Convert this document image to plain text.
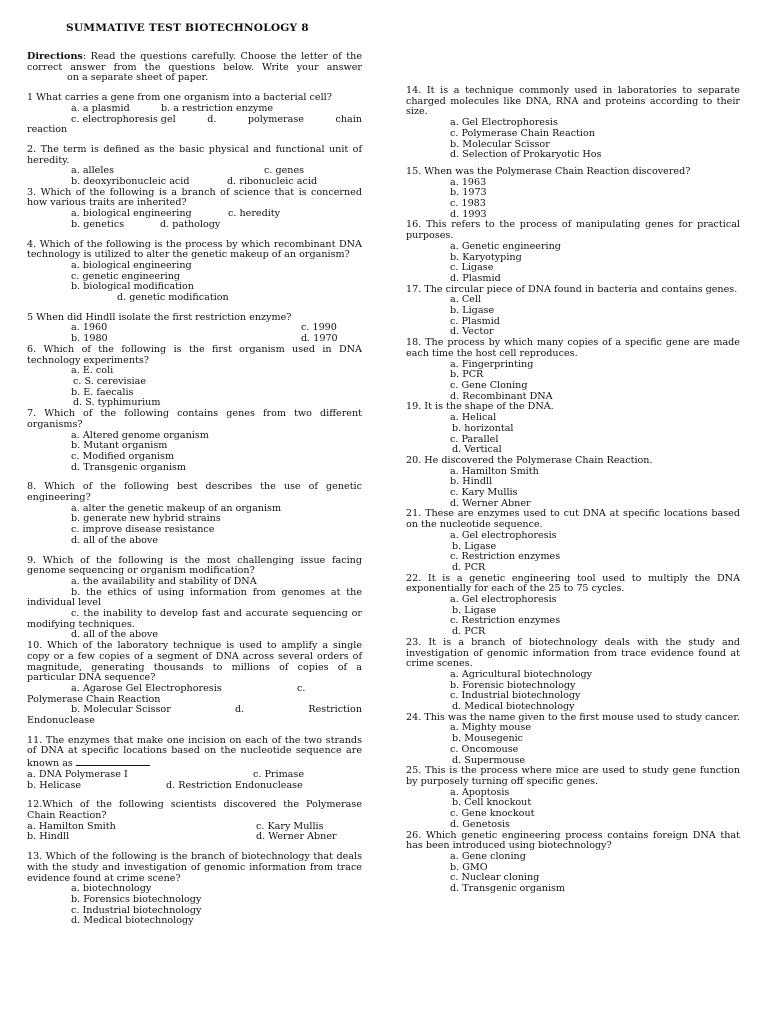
SUMMATIVE TEST BIOTECHNOLOGY 8

Directions: Read the questions carefully. Choose the letter of the correct answer from the questions below. Write your answeron a separate sheet of paper.

1 What carries a gene from one organism into a bacterial cell?

a. a plasmid	b. a restriction enzyme
c. electrophoresis gel	d.	polymerase	chain

reaction

2. The term is defined as the basic physical and functional unit of heredity.

a. alleles	c. genes
b. deoxyribonucleic acid	d. ribonucleic acid

3. Which of the following is a branch of science that is concerned how various traits are inherited?

a. biological engineering	c. heredity
b. genetics	d. pathology

4. Which of the following is the process by which recombinant DNA technology is utilized to alter the genetic makeup of an organism?

a. biological engineering

c. genetic engineering

b. biological modification

d. genetic modification

5 When did Hindll isolate the first restriction enzyme?

a. 1960	c. 1990
b. 1980	d. 1970

6. Which of the following is the first organism used in DNA technology experiments?

a. E. coli

c. S. cerevisiae

b. E. faecalis

d. S. typhimurium

7. Which of the following contains genes from two different organisms?

a. Altered genome organism

b. Mutant organism

c. Modified organism

d. Transgenic organism

8. Which of the following best describes the use of genetic engineering?

a. alter the genetic makeup of an organism

b. generate new hybrid strains

c. improve disease resistance

d. all of the above

9. Which of the following is the most challenging issue facing genome sequencing or organism modification?

a. the availability and stability of DNA

b. the ethics of using information from genomes at the individual level

c. the inability to develop fast and accurate sequencing or modifying techniques.

d. all of the above

10. Which of the laboratory technique is used to amplify a single copy or a few copies of a segment of DNA across several orders of magnitude, generating thousands to millions of copies of a particular DNA sequence?

a. Agarose Gel Electrophoresis	c.

Polymerase Chain Reaction

b. Molecular Scissor	d.	Restriction

Endonuclease

11. The enzymes that make one incision on each of the two strands of DNA at specific locations based on the nucleotide sequence are known as

a. DNA Polymerase I	c. Primase
b. Helicase	d. Restriction Endonuclease

12.Which of the following scientists discovered the Polymerase Chain Reaction?

a. Hamilton Smith	c. Kary Mullis
b. Hindll	d. Werner Abner

13. Which of the following is the branch of biotechnology that deals with the study and investigation of genomic information from trace evidence found at crime scene?

a. biotechnology

b. Forensics biotechnology

c. Industrial biotechnology

d. Medical biotechnology

14. It is a technique commonly used in laboratories to separate charged molecules like DNA, RNA and proteins according to their size.

a. Gel Electrophoresis

c. Polymerase Chain Reaction

b. Molecular Scissor

d. Selection of Prokaryotic Hos

15. When was the Polymerase Chain Reaction discovered?

a. 1963

b. 1973

c. 1983

d. 1993

16. This refers to the process of manipulating genes for practical purposes.

a. Genetic engineering

b. Karyotyping

c. Ligase

d. Plasmid

17. The circular piece of DNA found in bacteria and contains genes.

a. Cell

b. Ligase

c. Plasmid

d. Vector

18. The process by which many copies of a specific gene are made each time the host cell reproduces.

a. Fingerprinting

b. PCR

c. Gene Cloning

d. Recombinant DNA

19. It is the shape of the DNA.

a. Helical

b. horizontal

c. Parallel

d. Vertical

20. He discovered the Polymerase Chain Reaction.

a. Hamilton Smith

b. Hindll

c. Kary Mullis

d. Werner Abner

21. These are enzymes used to cut DNA at specific locations based on the nucleotide sequence.

a. Gel electrophoresis

b. Ligase

c. Restriction enzymes

d. PCR

22. It is a genetic engineering tool used to multiply the DNA exponentially for each of the 25 to 75 cycles.

a. Gel electrophoresis

b. Ligase

c. Restriction enzymes

d. PCR

23. It is a branch of biotechnology deals with the study and investigation of genomic information from trace evidence found at crime scenes.

a. Agricultural biotechnology

b. Forensic biotechnology

c. Industrial biotechnology

d. Medical biotechnology

24. This was the name given to the first mouse used to study cancer.

a. Mighty mouse

b. Mousegenic

c. Oncomouse

d. Supermouse

25. This is the process where mice are used to study gene function by purposely turning off specific genes.

a. Apoptosis

b. Cell knockout

c. Gene knockout

d. Genetosis

26. Which genetic engineering process contains foreign DNA that has been introduced using biotechnology?

a. Gene cloning

b. GMO

c. Nuclear cloning

d. Transgenic organism
